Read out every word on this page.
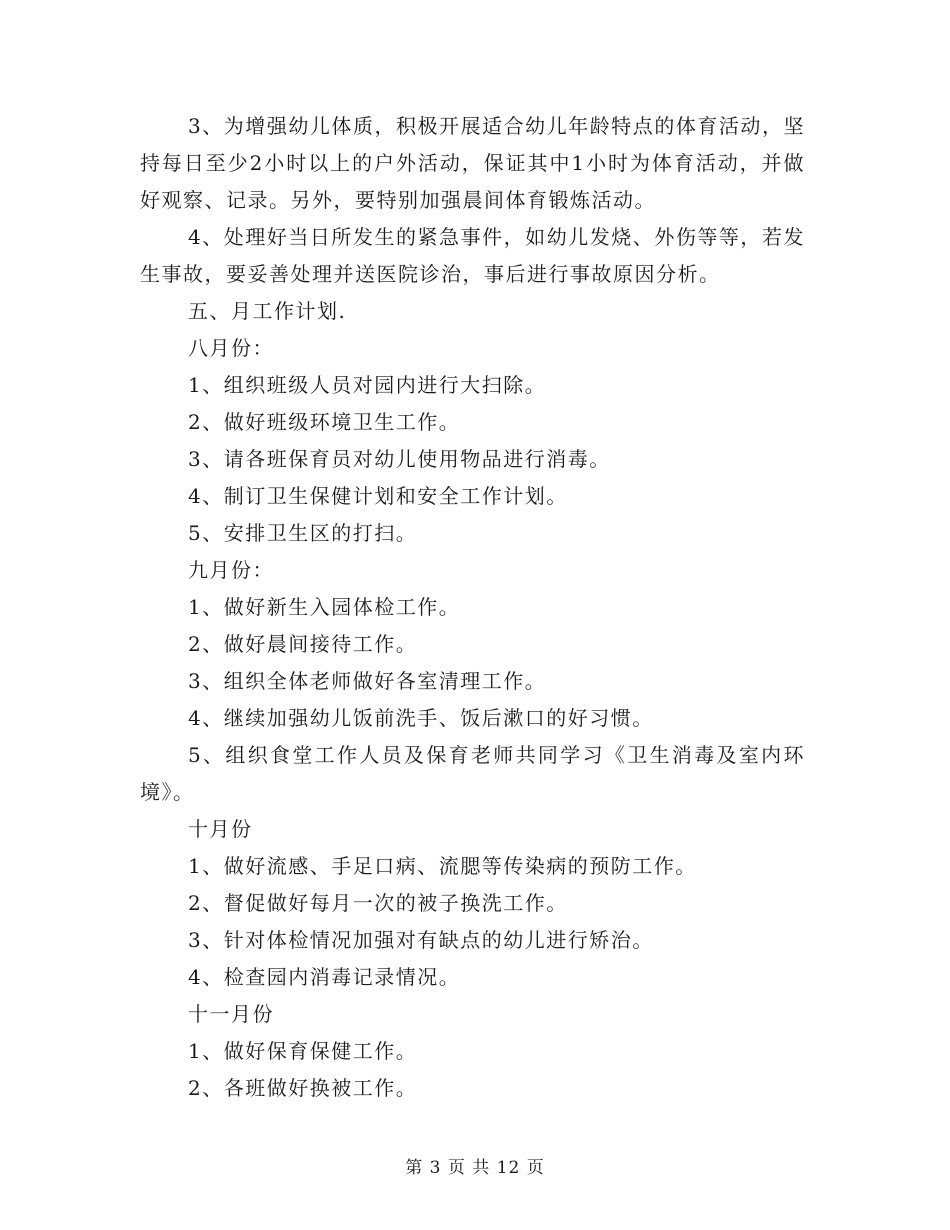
3、为增强幼儿体质，积极开展适合幼儿年龄特点的体育活动，坚持每日至少2小时以上的户外活动，保证其中1小时为体育活动，并做好观察、记录。另外，要特别加强晨间体育锻炼活动。

4、处理好当日所发生的紧急事件，如幼儿发烧、外伤等等，若发生事故，要妥善处理并送医院诊治，事后进行事故原因分析。

五、月工作计划.

八月份：

1、组织班级人员对园内进行大扫除。

2、做好班级环境卫生工作。

3、请各班保育员对幼儿使用物品进行消毒。

4、制订卫生保健计划和安全工作计划。

5、安排卫生区的打扫。

九月份：

1、做好新生入园体检工作。

2、做好晨间接待工作。

3、组织全体老师做好各室清理工作。

4、继续加强幼儿饭前洗手、饭后漱口的好习惯。

5、组织食堂工作人员及保育老师共同学习《卫生消毒及室内环境》。

十月份

1、做好流感、手足口病、流腮等传染病的预防工作。

2、督促做好每月一次的被子换洗工作。

3、针对体检情况加强对有缺点的幼儿进行矫治。

4、检查园内消毒记录情况。

十一月份

1、做好保育保健工作。

2、各班做好换被工作。

第 3 页 共 12 页
